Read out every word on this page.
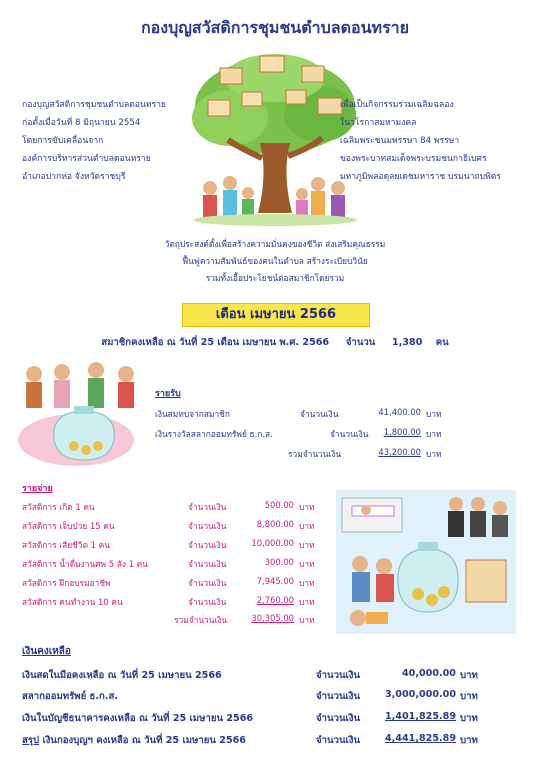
กองบุญสวัสดิการชุมชนตำบลดอนทราย
กองบุญสวัสดิการชุมชนตำบลดอนทราย
ก่อตั้งเมื่อวันที่ 8 มิถุนายน 2554
โดยการขับเคลื่อนจาก
องค์การบริหารส่วนตำบลดอนทราย
อำเภอปากท่อ จังหวัดราชบุรี
เพื่อเป็นกิจกรรมร่วมเฉลิมฉลอง
ในวโรกาสมหามงคล
เฉลิมพระชนมพรรษา 84 พรรษา
ของพระบาทสมเด็จพระบรมชนกาธิเบศร
มหาภูมิพลอดุลยเดชมหาราช บรมนาถบพิตร
วัตถุประสงค์ตั้งเพื่อสร้างความมั่นคงของชีวิต ส่งเสริมคุณธรรม
ฟื้นฟูความสัมพันธ์ของคนในตำบล สร้างระเบียบวินัย
รวมทั้งเอื้อประโยชน์ต่อสมาชิกโดยรวม
เดือน เมษายน 2566
สมาชิกคงเหลือ ณ วันที่ 25 เดือน เมษายน พ.ศ. 2566 จำนวน 1,380 คน
รายรับ
เงินสมทบจากสมาชิก	จำนวนเงิน	41,400.00 บาท
เงินรางวัลสลากออมทรัพย์ ธ.ก.ส.	จำนวนเงิน	1,800.00 บาท
รวมจำนวนเงิน	43,200.00 บาท
รายจ่าย
สวัสดิการ เกิด 1 คน	จำนวนเงิน	500.00 บาท
สวัสดิการ เจ็บป่วย 15 คน	จำนวนเงิน	8,800.00 บาท
สวัสดิการ เสียชีวิต 1 คน	จำนวนเงิน	10,000.00 บาท
สวัสดิการ น้ำดื่มงานศพ 5 ลัง 1 คน	จำนวนเงิน	300.00 บาท
สวัสดิการ ฝึกอบรมอาชีพ	จำนวนเงิน	7,945.00 บาท
สวัสดิการ คนทำงาน 10 คน	จำนวนเงิน	2,760.00 บาท
รวมจำนวนเงิน	30,305.00 บาท
เงินคงเหลือ
เงินสดในมือคงเหลือ ณ วันที่ 25 เมษายน 2566	จำนวนเงิน	40,000.00 บาท
สลากออมทรัพย์ ธ.ก.ส.	จำนวนเงิน	3,000,000.00 บาท
เงินในบัญชีธนาคารคงเหลือ ณ วันที่ 25 เมษายน 2566	จำนวนเงิน	1,401,825.89 บาท
สรุป เงินกองบุญฯ คงเหลือ ณ วันที่ 25 เมษายน 2566	จำนวนเงิน	4,441,825.89 บาท
